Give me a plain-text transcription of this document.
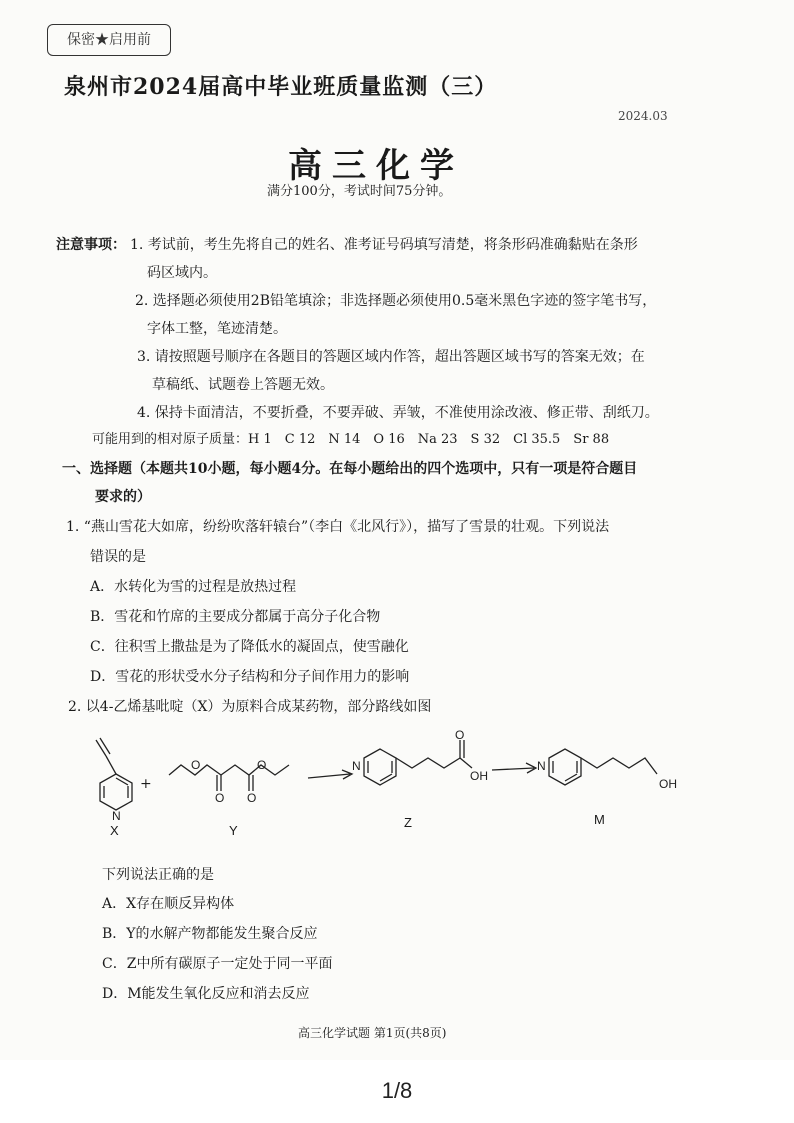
保密★启用前
泉州市2024届高中毕业班质量监测（三）
2024.03
高三化学
满分100分，考试时间75分钟。
注意事项： 1. 考试前，考生先将自己的姓名、准考证号码填写清楚，将条形码准确黏贴在条形
码区域内。
2. 选择题必须使用2B铅笔填涂；非选择题必须使用0.5毫米黑色字迹的签字笔书写，
字体工整，笔迹清楚。
3. 请按照题号顺序在各题目的答题区域内作答，超出答题区域书写的答案无效；在
草稿纸、试题卷上答题无效。
4. 保持卡面清洁，不要折叠，不要弄破、弄皱，不准使用涂改液、修正带、刮纸刀。
可能用到的相对原子质量：H 1　C 12　N 14　O 16　Na 23　S 32　Cl 35.5　Sr 88
一、选择题（本题共10小题，每小题4分。在每小题给出的四个选项中，只有一项是符合题目
要求的）
1. “燕山雪花大如席，纷纷吹落轩辕台”（李白《北风行》），描写了雪景的壮观。下列说法
错误的是
A．水转化为雪的过程是放热过程
B．雪花和竹席的主要成分都属于高分子化合物
C．往积雪上撒盐是为了降低水的凝固点，使雪融化
D．雪花的形状受水分子结构和分子间作用力的影响
2. 以4-乙烯基吡啶（X）为原料合成某药物，部分路线如图
N
+
O
O O
O	N
O
OH
N
OH
X	Y
Z	M
下列说法正确的是
A．X存在顺反异构体
B．Y的水解产物都能发生聚合反应
C．Z中所有碳原子一定处于同一平面
D．M能发生氧化反应和消去反应
高三化学试题 第1页(共8页)
1/8
